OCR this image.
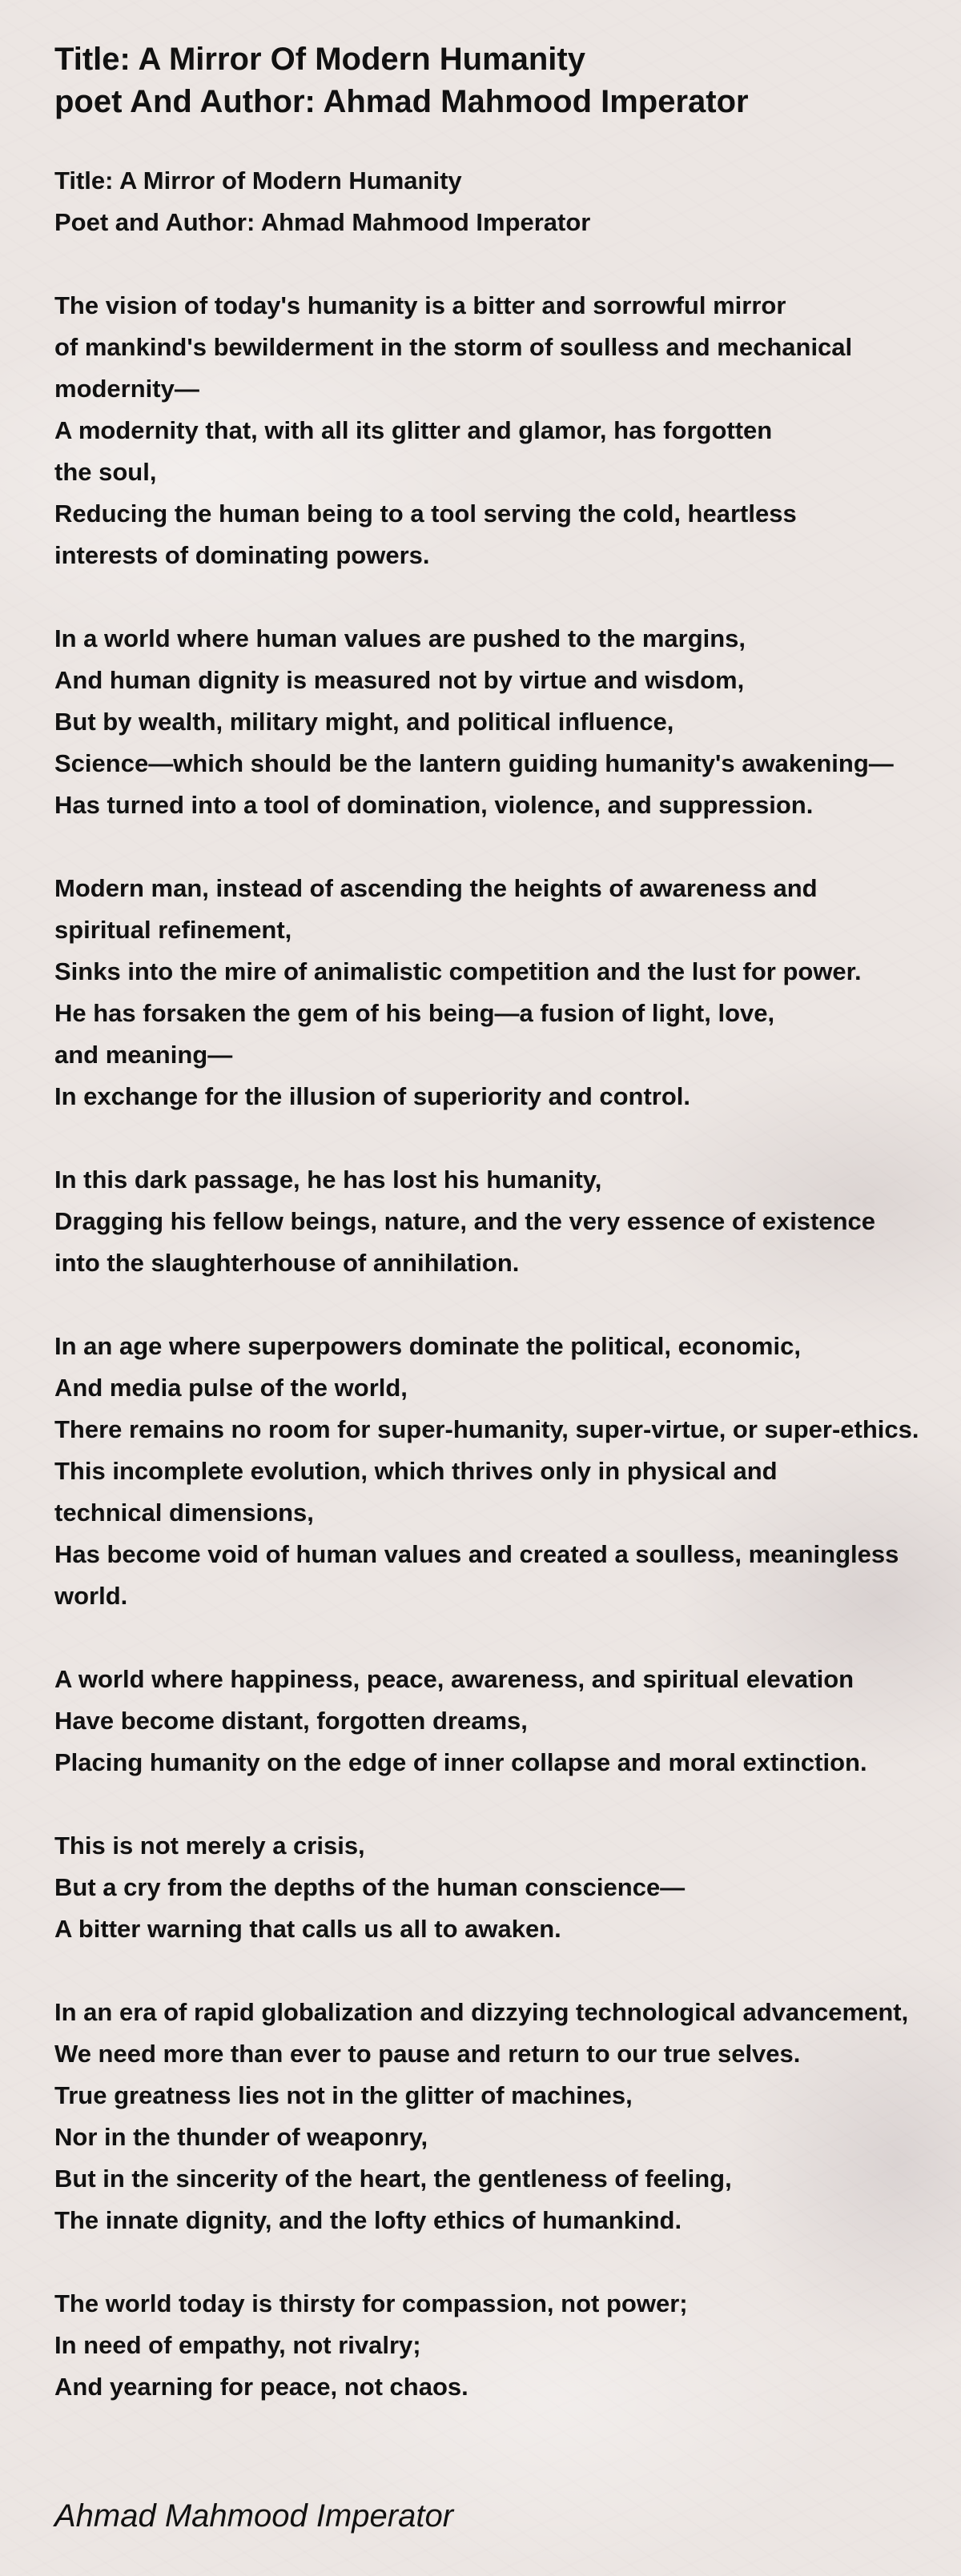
Title: A Mirror Of Modern Humanity
poet And Author: Ahmad Mahmood Imperator
Title: A Mirror of Modern Humanity
Poet and Author: Ahmad Mahmood Imperator
The vision of today's humanity is a bitter and sorrowful mirror
of mankind's bewilderment in the storm of soulless and mechanical
modernity—
A modernity that, with all its glitter and glamor, has forgotten
the soul,
Reducing the human being to a tool serving the cold, heartless
interests of dominating powers.
In a world where human values are pushed to the margins,
And human dignity is measured not by virtue and wisdom,
But by wealth, military might, and political influence,
Science—which should be the lantern guiding humanity's awakening—
Has turned into a tool of domination, violence, and suppression.
Modern man, instead of ascending the heights of awareness and
spiritual refinement,
Sinks into the mire of animalistic competition and the lust for power.
He has forsaken the gem of his being—a fusion of light, love,
and meaning—
In exchange for the illusion of superiority and control.
In this dark passage, he has lost his humanity,
Dragging his fellow beings, nature, and the very essence of existence
into the slaughterhouse of annihilation.
In an age where superpowers dominate the political, economic,
And media pulse of the world,
There remains no room for super-humanity, super-virtue, or super-ethics.
This incomplete evolution, which thrives only in physical and
technical dimensions,
Has become void of human values and created a soulless, meaningless
world.
A world where happiness, peace, awareness, and spiritual elevation
Have become distant, forgotten dreams,
Placing humanity on the edge of inner collapse and moral extinction.
This is not merely a crisis,
But a cry from the depths of the human conscience—
A bitter warning that calls us all to awaken.
In an era of rapid globalization and dizzying technological advancement,
We need more than ever to pause and return to our true selves.
True greatness lies not in the glitter of machines,
Nor in the thunder of weaponry,
But in the sincerity of the heart, the gentleness of feeling,
The innate dignity, and the lofty ethics of humankind.
The world today is thirsty for compassion, not power;
In need of empathy, not rivalry;
And yearning for peace, not chaos.
Ahmad Mahmood Imperator
